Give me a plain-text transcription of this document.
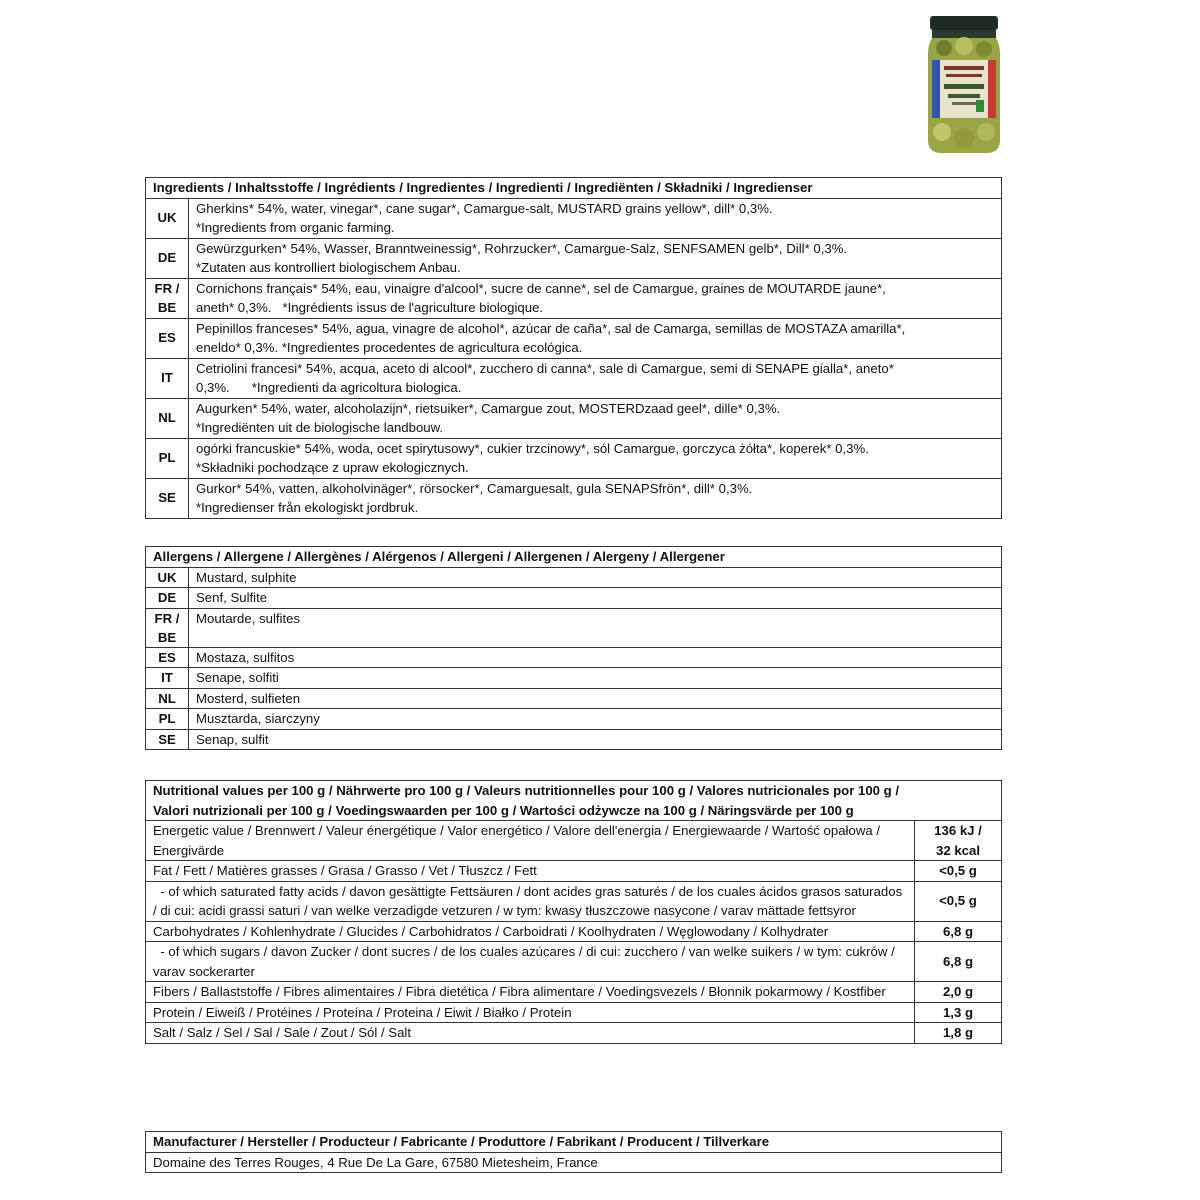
Ingredients / Inhaltsstoffe / Ingrédients / Ingredientes / Ingredienti / Ingrediënten / Składniki / Ingredienser	
UK	Gherkins* 54%, water, vinegar*, cane sugar*, Camargue-salt, MUSTARD grains yellow*, dill* 0,3%.
*Ingredients from organic farming.

DE	Gewürzgurken* 54%, Wasser, Branntweinessig*, Rohrzucker*, Camargue-Salz, SENFSAMEN gelb*, Dill* 0,3%.
*Zutaten aus kontrolliert biologischem Anbau.

FR / BE	Cornichons français* 54%, eau, vinaigre d'alcool*, sucre de canne*, sel de Camargue, graines de MOUTARDE jaune*,
aneth* 0,3%.   *Ingrédients issus de l'agriculture biologique.

ES	Pepinillos franceses* 54%, agua, vinagre de alcohol*, azúcar de caña*, sal de Camarga, semillas de MOSTAZA amarilla*,
eneldo* 0,3%. *Ingredientes procedentes de agricultura ecológica.

IT	Cetriolini francesi* 54%, acqua, aceto di alcool*, zucchero di canna*, sale di Camargue, semi di SENAPE gialla*, aneto*
0,3%.      *Ingredienti da agricoltura biologica.

NL	Augurken* 54%, water, alcoholazijn*, rietsuiker*, Camargue zout, MOSTERDzaad geel*, dille* 0,3%.
*Ingrediënten uit de biologische landbouw.

PL	ogórki francuskie* 54%, woda, ocet spirytusowy*, cukier trzcinowy*, sól Camargue, gorczyca żółta*, koperek* 0,3%.
*Składniki pochodzące z upraw ekologicznych.

SE	Gurkor* 54%, vatten, alkoholvinäger*, rörsocker*, Camarguesalt, gula SENAPSfrön*, dill* 0,3%.
*Ingredienser från ekologiskt jordbruk.
Allergens / Allergene / Allergènes / Alérgenos / Allergeni / Allergenen / Alergeny / Allergener	
UK	Mustard, sulphite
DE	Senf, Sulfite
FR / BE	Moutarde, sulfites
ES	Mostaza, sulfitos
IT	Senape, solfiti
NL	Mosterd, sulfieten
PL	Musztarda, siarczyny
SE	Senap, sulfit
Nutritional values per 100 g / Nährwerte pro 100 g / Valeurs nutritionnelles pour 100 g / Valores nutricionales por 100 g /
Valori nutrizionali per 100 g / Voedingswaarden per 100 g / Wartości odżywcze na 100 g / Näringsvärde per 100 g	

Energetic value / Brennwert / Valeur énergétique / Valor energético / Valore dell'energia / Energiewaarde / Wartość opałowa / Energivärde	136 kJ /
32 kcal

Fat / Fett / Matières grasses / Grasa / Grasso / Vet / Tłuszcz / Fett	<0,5 g
- of which saturated fatty acids / davon gesättigte Fettsäuren / dont acides gras saturés / de los cuales ácidos grasos saturados / di cui: acidi grassi saturi / van welke verzadigde vetzuren / w tym: kwasy tłuszczowe nasycone / varav mättade fettsyror	<0,5 g
Carbohydrates / Kohlenhydrate / Glucides / Carbohidratos / Carboidrati / Koolhydraten / Węglowodany / Kolhydrater	6,8 g
- of which sugars / davon Zucker / dont sucres / de los cuales azúcares / di cui: zucchero / van welke suikers / w tym: cukrów / varav sockerarter	6,8 g
Fibers / Ballaststoffe / Fibres alimentaires / Fibra dietética / Fibra alimentare / Voedingsvezels / Błonnik pokarmowy / Kostfiber	2,0 g
Protein / Eiweiß / Protéines / Proteína / Proteina / Eiwit / Białko / Protein	1,3 g
Salt / Salz / Sel / Sal / Sale / Zout / Sól / Salt	1,8 g
Manufacturer / Hersteller / Producteur / Fabricante / Produttore / Fabrikant / Producent / Tillverkare
Domaine des Terres Rouges, 4 Rue De La Gare, 67580 Mietesheim, France
